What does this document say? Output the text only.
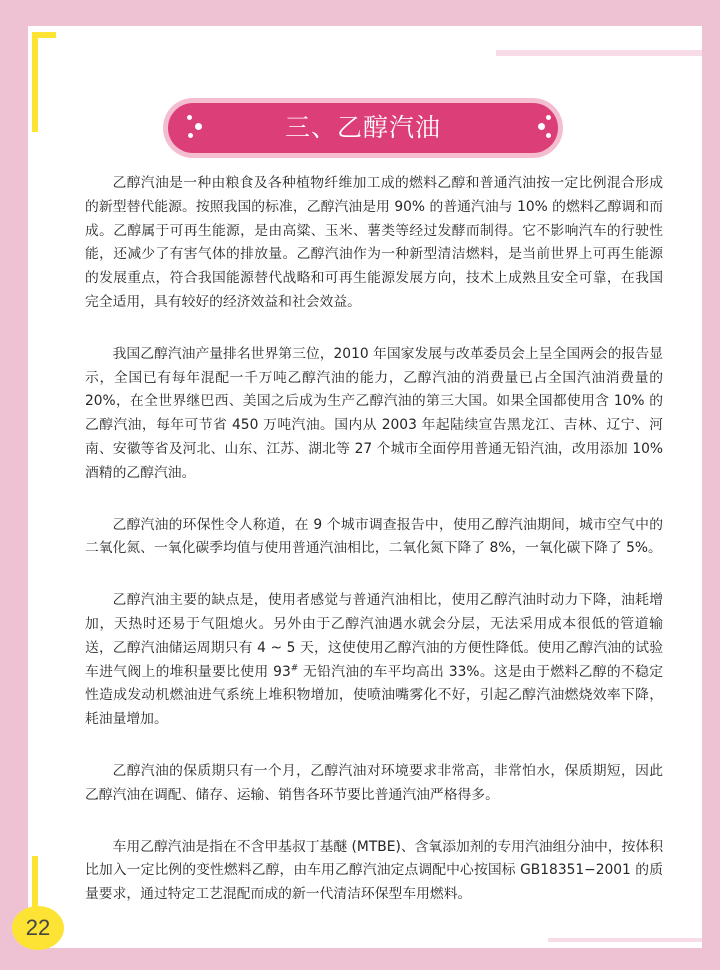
三、乙醇汽油

乙醇汽油是一种由粮食及各种植物纤维加工成的燃料乙醇和普通汽油按一定比例混合形成的新型替代能源。按照我国的标准，乙醇汽油是用 90% 的普通汽油与 10% 的燃料乙醇调和而成。乙醇属于可再生能源，是由高粱、玉米、薯类等经过发酵而制得。它不影响汽车的行驶性能，还减少了有害气体的排放量。乙醇汽油作为一种新型清洁燃料，是当前世界上可再生能源的发展重点，符合我国能源替代战略和可再生能源发展方向，技术上成熟且安全可靠，在我国完全适用，具有较好的经济效益和社会效益。

我国乙醇汽油产量排名世界第三位，2010 年国家发展与改革委员会上呈全国两会的报告显示，全国已有每年混配一千万吨乙醇汽油的能力，乙醇汽油的消费量已占全国汽油消费量的 20%，在全世界继巴西、美国之后成为生产乙醇汽油的第三大国。如果全国都使用含 10% 的乙醇汽油，每年可节省 450 万吨汽油。国内从 2003 年起陆续宣告黑龙江、吉林、辽宁、河南、安徽等省及河北、山东、江苏、湖北等 27 个城市全面停用普通无铅汽油，改用添加 10% 酒精的乙醇汽油。

乙醇汽油的环保性令人称道，在 9 个城市调查报告中，使用乙醇汽油期间，城市空气中的二氧化氮、一氧化碳季均值与使用普通汽油相比，二氧化氮下降了 8%，一氧化碳下降了 5%。

乙醇汽油主要的缺点是，使用者感觉与普通汽油相比，使用乙醇汽油时动力下降，油耗增加，天热时还易于气阻熄火。另外由于乙醇汽油遇水就会分层，无法采用成本很低的管道输送，乙醇汽油储运周期只有 4 ~ 5 天，这使使用乙醇汽油的方便性降低。使用乙醇汽油的试验车进气阀上的堆积量要比使用 93# 无铅汽油的车平均高出 33%。这是由于燃料乙醇的不稳定性造成发动机燃油进气系统上堆积物增加，使喷油嘴雾化不好，引起乙醇汽油燃烧效率下降，耗油量增加。

乙醇汽油的保质期只有一个月，乙醇汽油对环境要求非常高，非常怕水，保质期短，因此乙醇汽油在调配、储存、运输、销售各环节要比普通汽油严格得多。

车用乙醇汽油是指在不含甲基叔丁基醚 (MTBE)、含氧添加剂的专用汽油组分油中，按体积比加入一定比例的变性燃料乙醇，由车用乙醇汽油定点调配中心按国标 GB18351−2001 的质量要求，通过特定工艺混配而成的新一代清洁环保型车用燃料。

22
